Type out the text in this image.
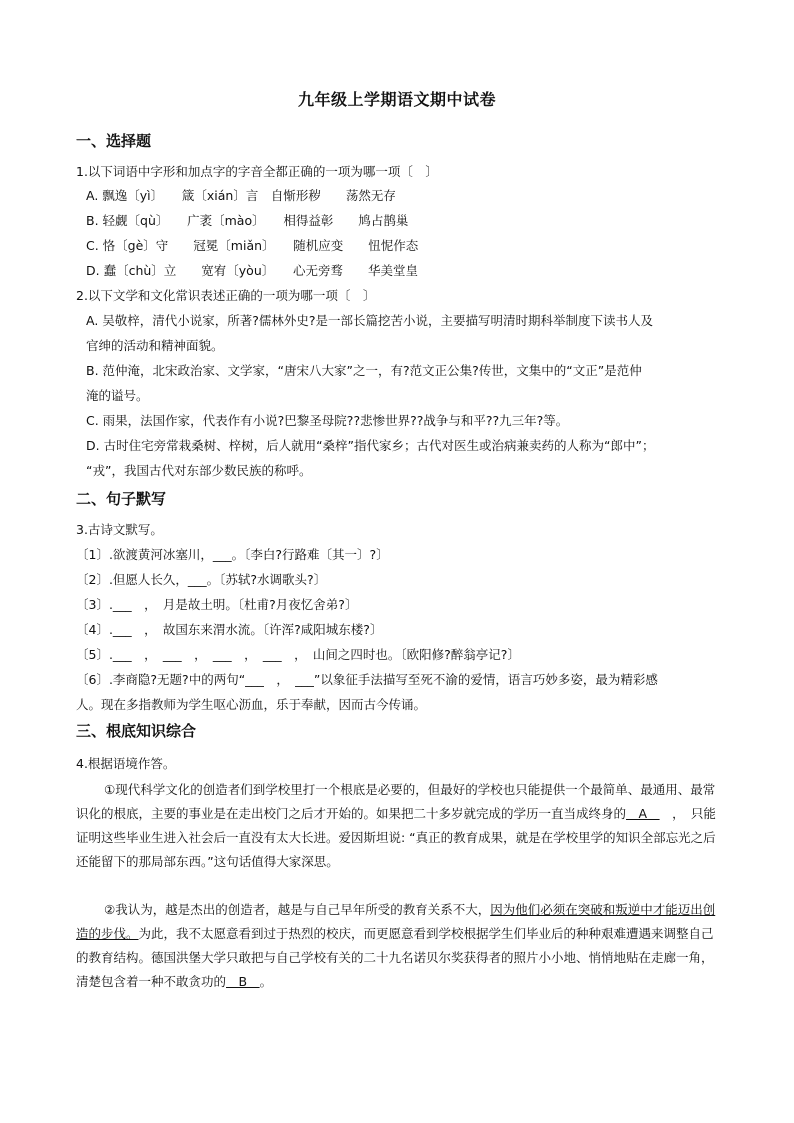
九年级上学期语文期中试卷
一、选择题
1.以下词语中字形和加点字的字音全都正确的一项为哪一项〔　〕
A. 飘逸〔yì〕　　箴〔xián〕言　自惭形秽　　荡然无存
B. 轻觑〔qù〕　　广袤〔mào〕　　相得益彰　　鸠占鹊巢
C. 恪〔gè〕守　　冠冕〔miǎn〕　　随机应变　　忸怩作态
D. 蠢〔chù〕立　　宽宥〔yòu〕　　心无旁骛　　华美堂皇
2.以下文学和文化常识表述正确的一项为哪一项〔　〕
A. 吴敬梓，清代小说家，所著?儒林外史?是一部长篇挖苦小说，主要描写明清时期科举制度下读书人及
官绅的活动和精神面貌。
B. 范仲淹，北宋政治家、文学家，“唐宋八大家”之一，有?范文正公集?传世，文集中的“文正”是范仲
淹的谥号。
C. 雨果，法国作家，代表作有小说?巴黎圣母院??悲惨世界??战争与和平??九三年?等。
D. 古时住宅旁常栽桑树、梓树，后人就用“桑梓”指代家乡；古代对医生或治病兼卖药的人称为“郎中”；
“戎”，我国古代对东部少数民族的称呼。
二、句子默写
3.古诗文默写。
〔1〕.欲渡黄河冰塞川，___。〔李白?行路难〔其一〕?〕
〔2〕.但愿人长久，___。〔苏轼?水调歌头?〕
〔3〕.___　，　月是故土明。〔杜甫?月夜忆舍弟?〕
〔4〕.___　，　故国东来渭水流。〔许浑?咸阳城东楼?〕
〔5〕.___　，　___　，　___　，　___　，　山间之四时也。〔欧阳修?醉翁亭记?〕
〔6〕.李商隐?无题?中的两句“___　，　___”以象征手法描写至死不渝的爱情，语言巧妙多姿，最为精彩感
人。现在多指教师为学生呕心沥血，乐于奉献，因而古今传诵。
三、根底知识综合
4.根据语境作答。
①现代科学文化的创造者们到学校里打一个根底是必要的，但最好的学校也只能提供一个最简单、最通用、最常识化的根底，主要的事业是在走出校门之后才开始的。如果把二十多岁就完成的学历一直当成终身的　A　　，　只能证明这些毕业生进入社会后一直没有太大长进。爱因斯坦说: “真正的教育成果，就是在学校里学的知识全部忘光之后还能留下的那局部东西。”这句话值得大家深思。
②我认为，越是杰出的创造者，越是与自己早年所受的教育关系不大，因为他们必须在突破和叛逆中才能迈出创造的步伐。为此，我不太愿意看到过于热烈的校庆，而更愿意看到学校根据学生们毕业后的种种艰难遭遇来调整自己的教育结构。德国洪堡大学只敢把与自己学校有关的二十九名诺贝尔奖获得者的照片小小地、悄悄地贴在走廊一角，清楚包含着一种不敢贪功的　B　。
